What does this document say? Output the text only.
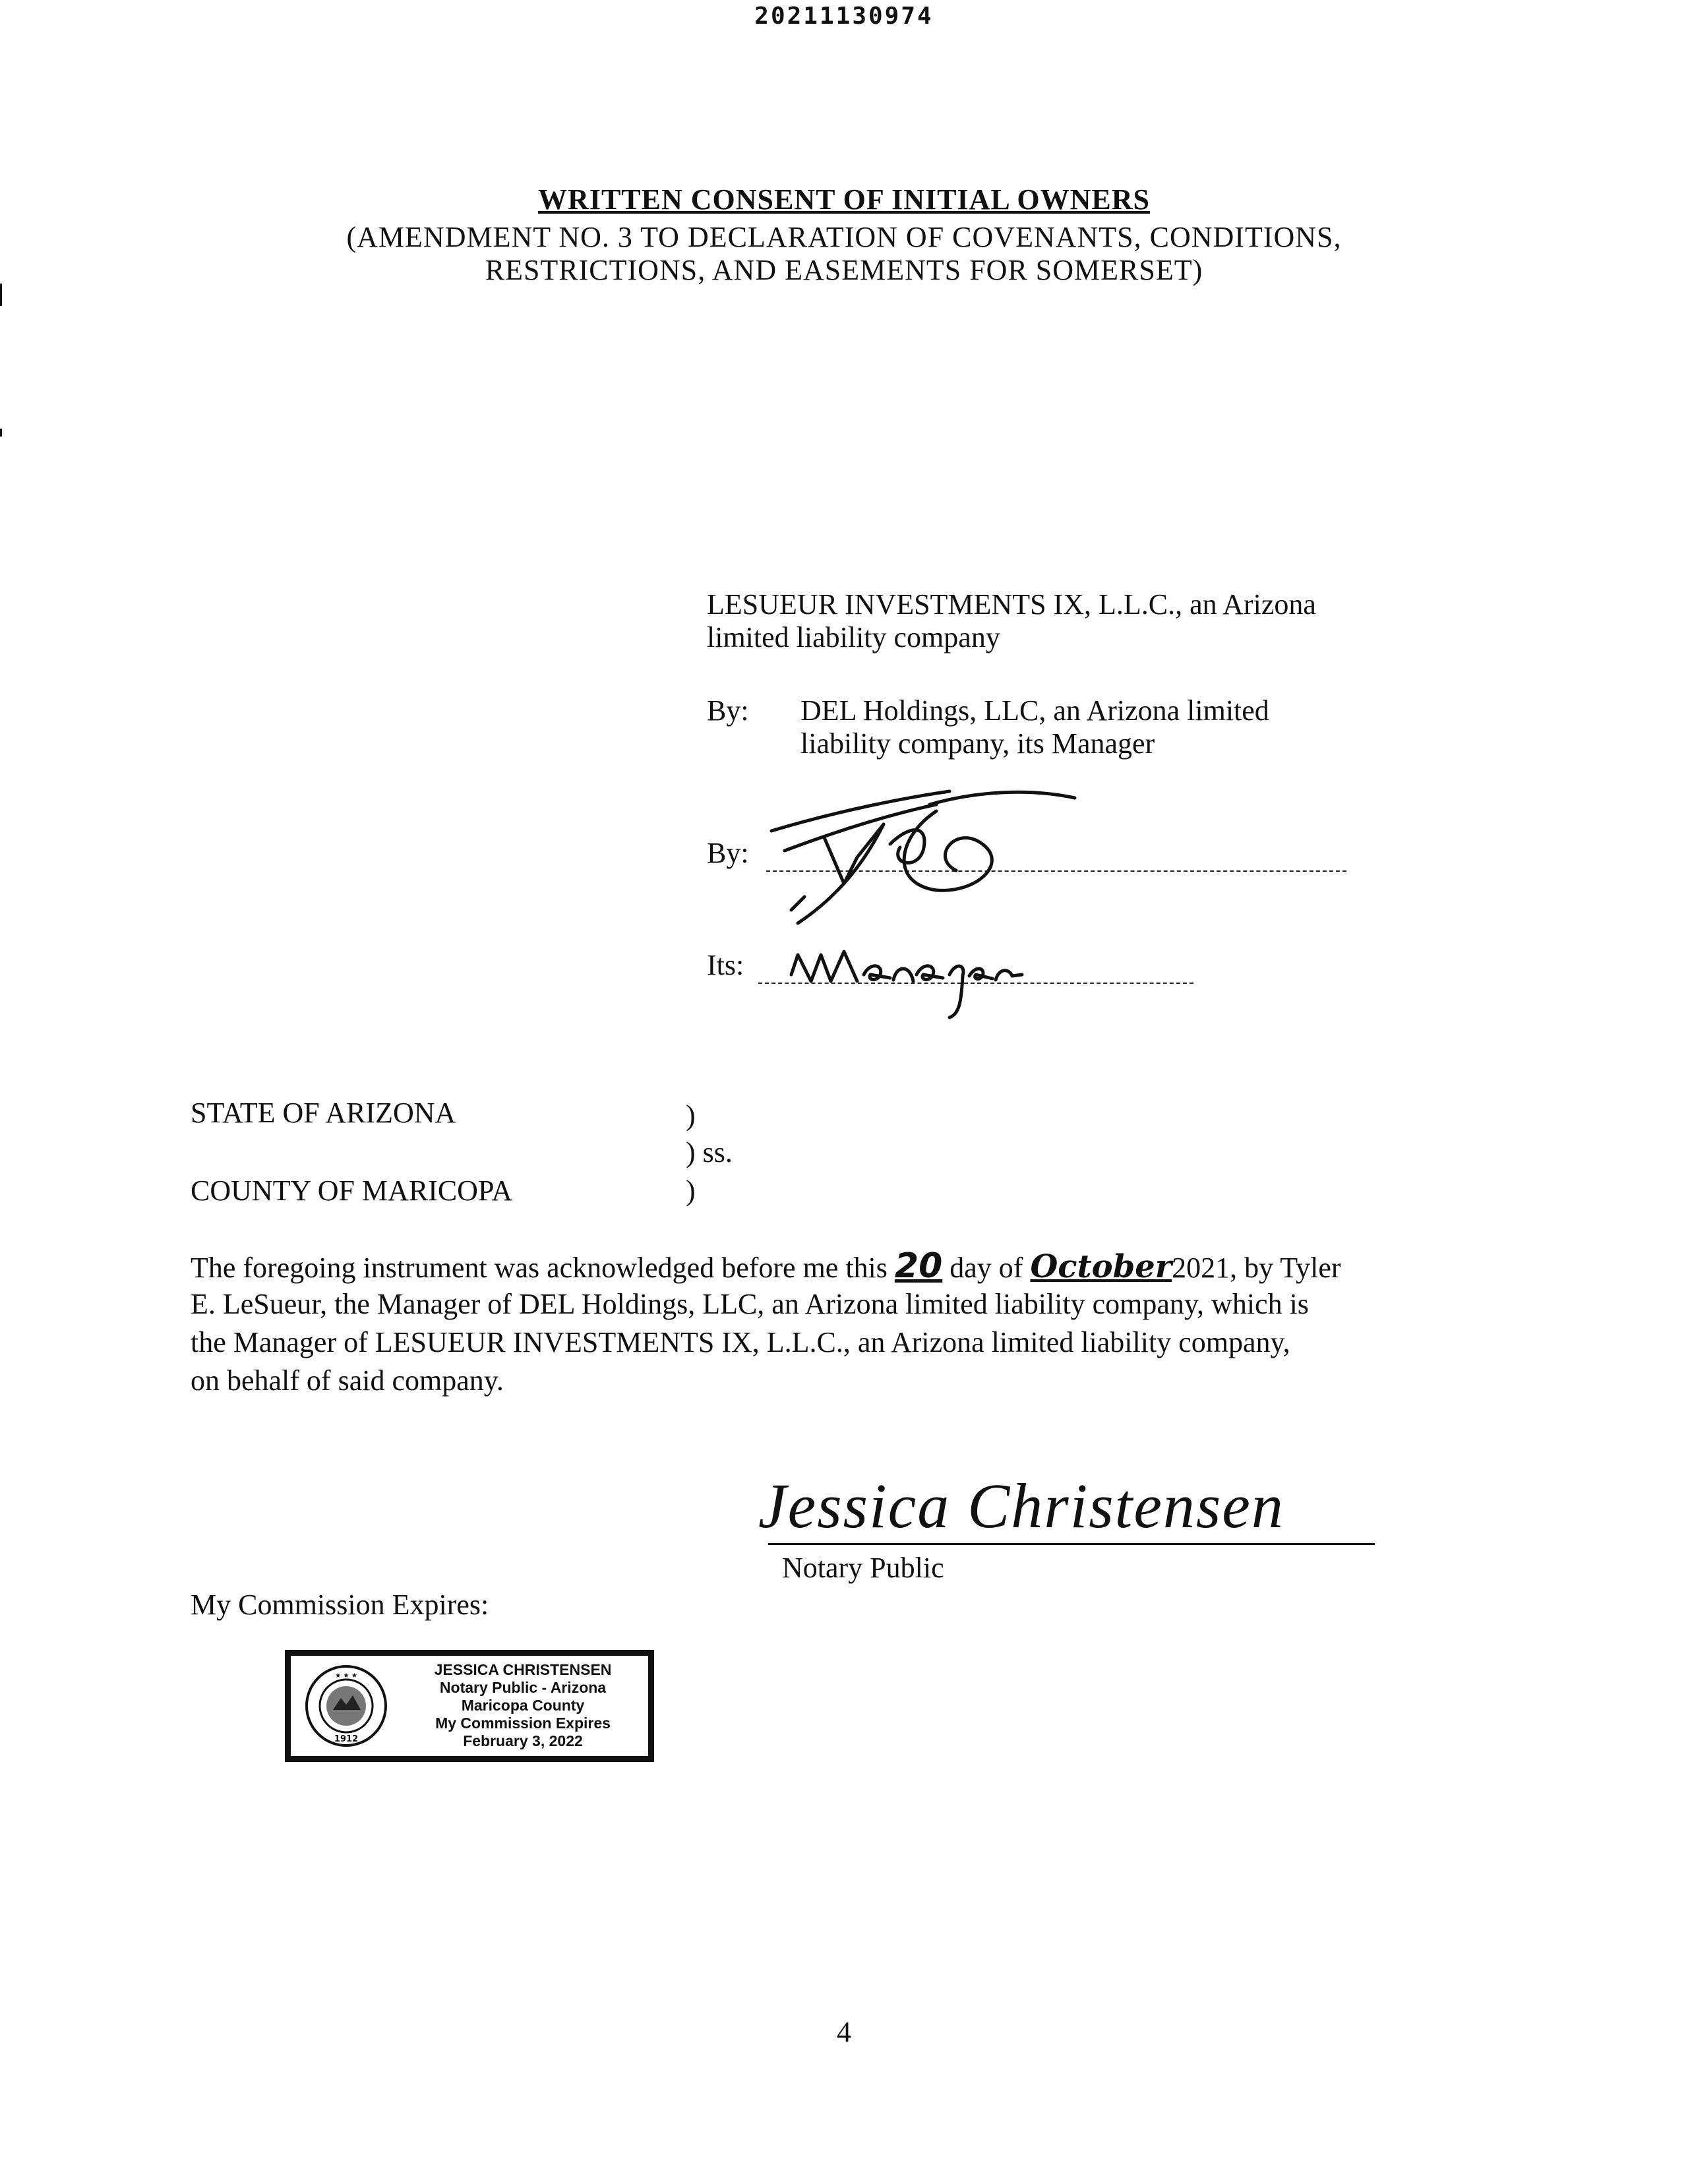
20211130974
WRITTEN CONSENT OF INITIAL OWNERS
(AMENDMENT NO. 3 TO DECLARATION OF COVENANTS, CONDITIONS,
RESTRICTIONS, AND EASEMENTS FOR SOMERSET)
LESUEUR INVESTMENTS IX, L.L.C., an Arizona
limited liability company
By: DEL Holdings, LLC, an Arizona limited
liability company, its Manager
By:
Its:
STATE OF ARIZONA
COUNTY OF MARICOPA
)
) ss.
)
The foregoing instrument was acknowledged before me this 20 day of October2021, by Tyler
E. LeSueur, the Manager of DEL Holdings, LLC, an Arizona limited liability company, which is
the Manager of LESUEUR INVESTMENTS IX, L.L.C., an Arizona limited liability company,
on behalf of said company.
Jessica Christensen
Notary Public
My Commission Expires:
★ ★ ★
1912
JESSICA CHRISTENSEN
Notary Public - Arizona
Maricopa County
My Commission Expires
February 3, 2022
4
